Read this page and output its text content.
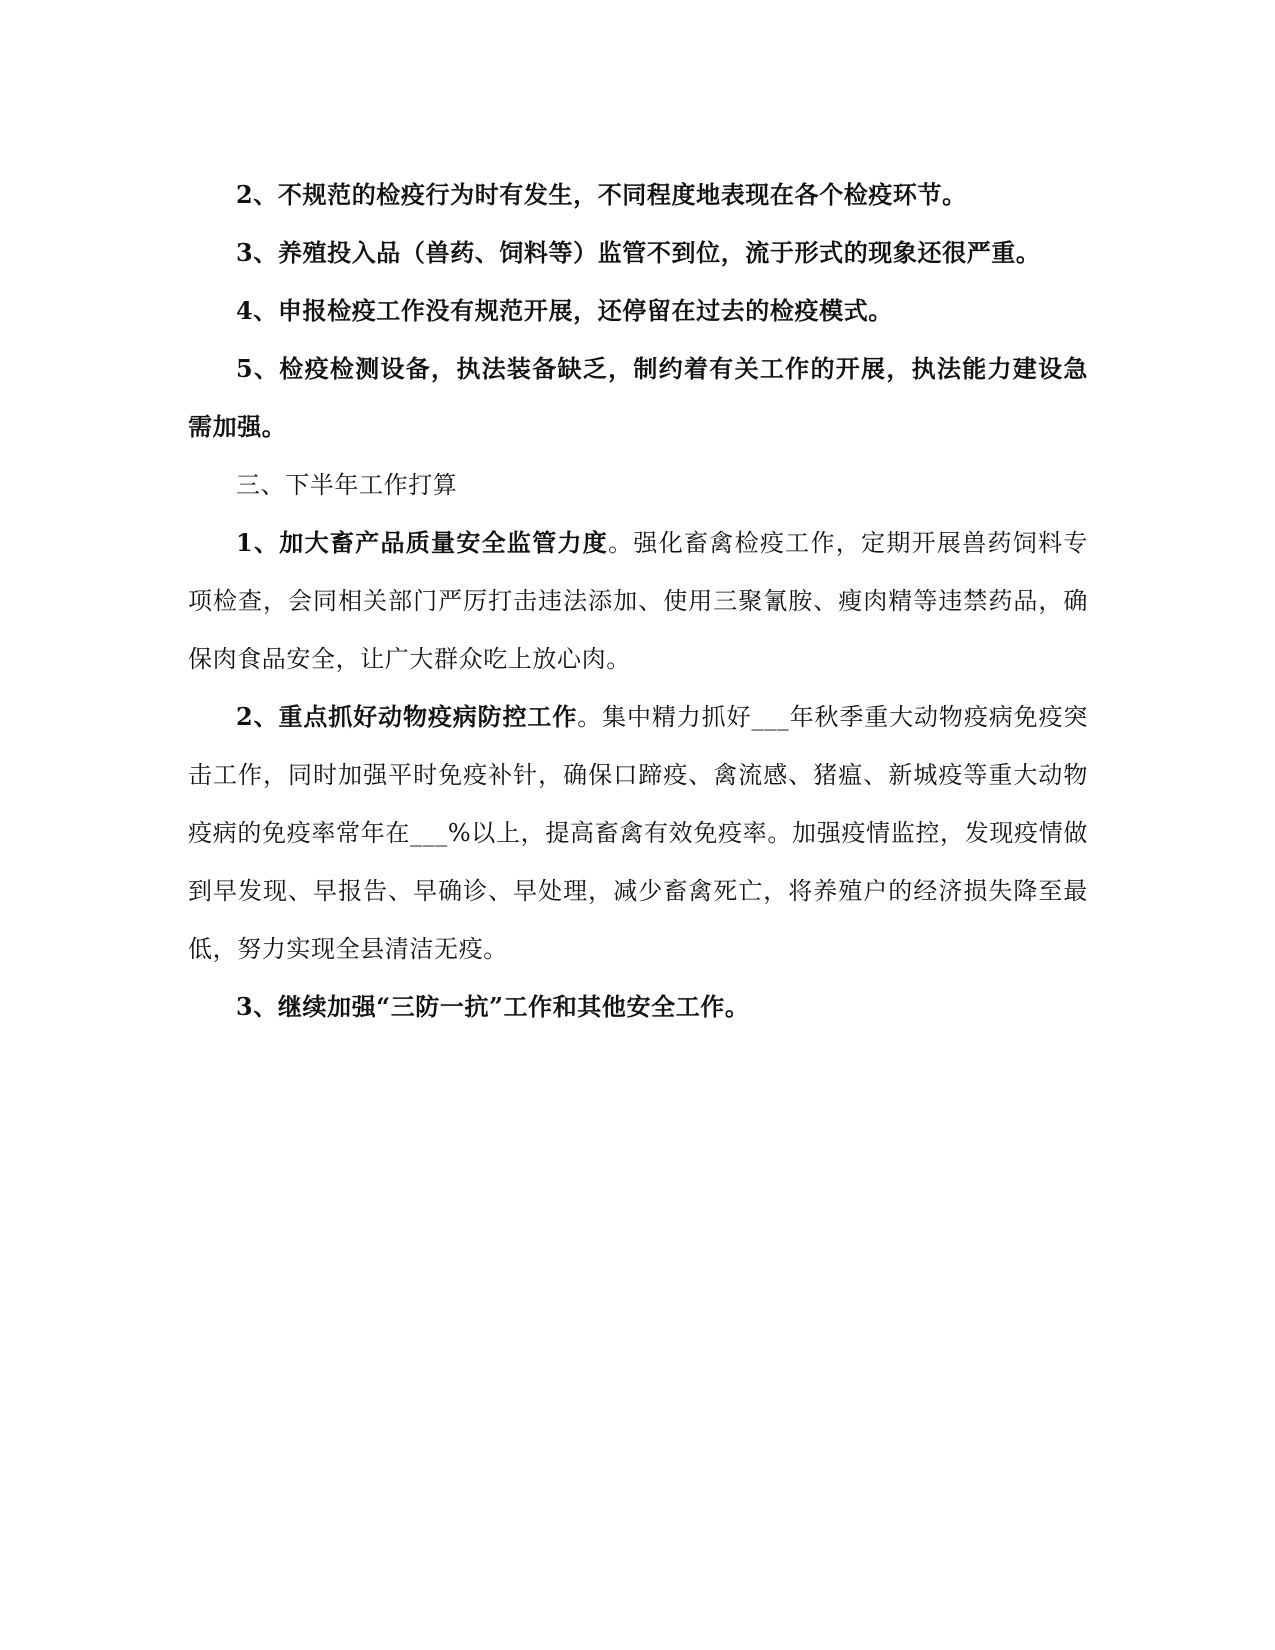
2、不规范的检疫行为时有发生，不同程度地表现在各个检疫环节。

3、养殖投入品（兽药、饲料等）监管不到位，流于形式的现象还很严重。

4、申报检疫工作没有规范开展，还停留在过去的检疫模式。

5、检疫检测设备，执法装备缺乏，制约着有关工作的开展，执法能力建设急需加强。

三、下半年工作打算

1、加大畜产品质量安全监管力度。强化畜禽检疫工作，定期开展兽药饲料专项检查，会同相关部门严厉打击违法添加、使用三聚氰胺、瘦肉精等违禁药品，确保肉食品安全，让广大群众吃上放心肉。

2、重点抓好动物疫病防控工作。集中精力抓好___年秋季重大动物疫病免疫突击工作，同时加强平时免疫补针，确保口蹄疫、禽流感、猪瘟、新城疫等重大动物疫病的免疫率常年在___%以上，提高畜禽有效免疫率。加强疫情监控，发现疫情做到早发现、早报告、早确诊、早处理，减少畜禽死亡，将养殖户的经济损失降至最低，努力实现全县清洁无疫。

3、继续加强“三防一抗”工作和其他安全工作。
